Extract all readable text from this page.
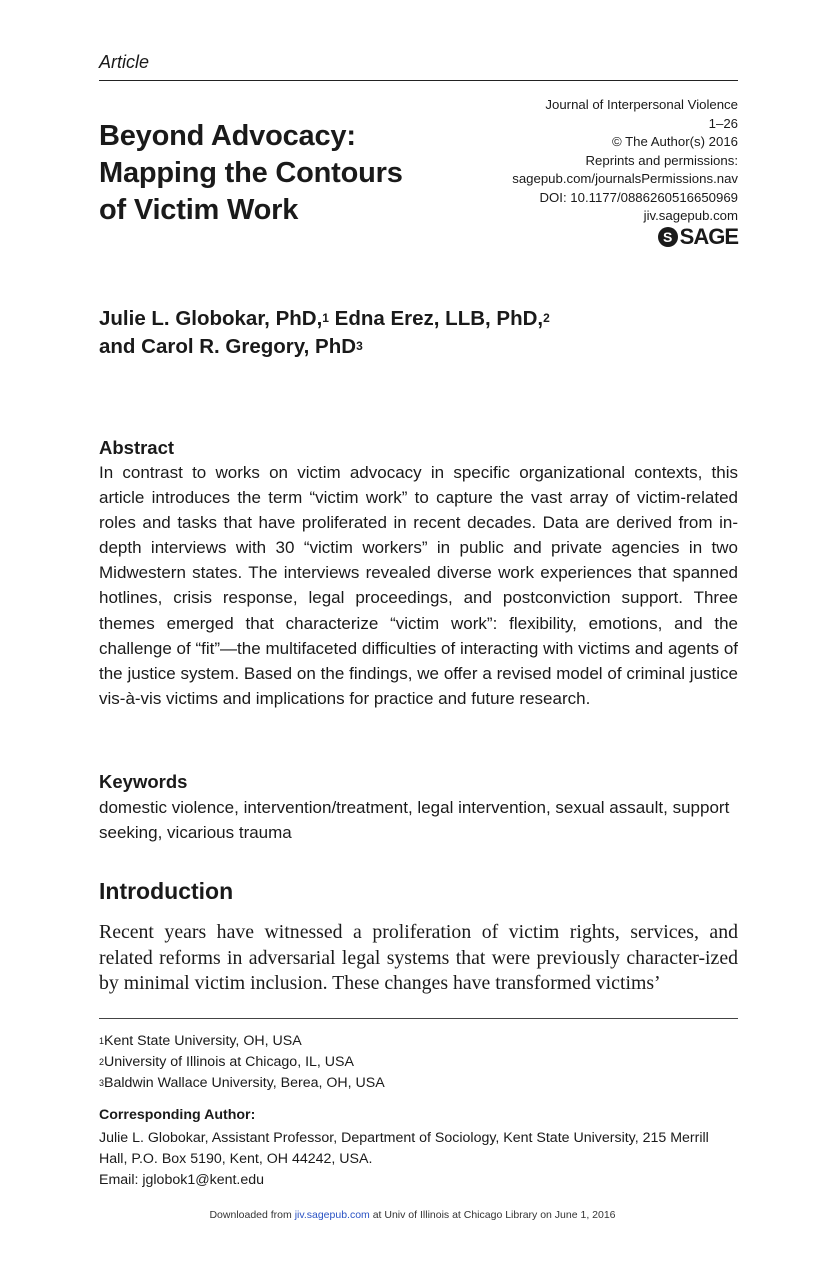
Article
Beyond Advocacy:
Mapping the Contours
of Victim Work
Journal of Interpersonal Violence
1–26
© The Author(s) 2016
Reprints and permissions:
sagepub.com/journalsPermissions.nav
DOI: 10.1177/0886260516650969
jiv.sagepub.com
S SAGE
Julie L. Globokar, PhD,$^1$ Edna Erez, LLB, PhD,$^2$
and Carol R. Gregory, PhD$^3$
Abstract
In contrast to works on victim advocacy in specific organizational contexts, this article introduces the term “victim work” to capture the vast array of victim-related roles and tasks that have proliferated in recent decades. Data are derived from in-depth interviews with 30 “victim workers” in public and private agencies in two Midwestern states. The interviews revealed diverse work experiences that spanned hotlines, crisis response, legal proceedings, and postconviction support. Three themes emerged that characterize “victim work”: flexibility, emotions, and the challenge of “fit”—the multifaceted difficulties of interacting with victims and agents of the justice system. Based on the findings, we offer a revised model of criminal justice vis-à-vis victims and implications for practice and future research.
Keywords
domestic violence, intervention/treatment, legal intervention, sexual assault, support seeking, vicarious trauma
Introduction
Recent years have witnessed a proliferation of victim rights, services, and related reforms in adversarial legal systems that were previously character-ized by minimal victim inclusion. These changes have transformed victims’
$^1$Kent State University, OH, USA
$^2$University of Illinois at Chicago, IL, USA
$^3$Baldwin Wallace University, Berea, OH, USA
Corresponding Author:
Julie L. Globokar, Assistant Professor, Department of Sociology, Kent State University, 215 Merrill Hall, P.O. Box 5190, Kent, OH 44242, USA.
Email: jglobok1@kent.edu
Downloaded from jiv.sagepub.com at Univ of Illinois at Chicago Library on June 1, 2016
